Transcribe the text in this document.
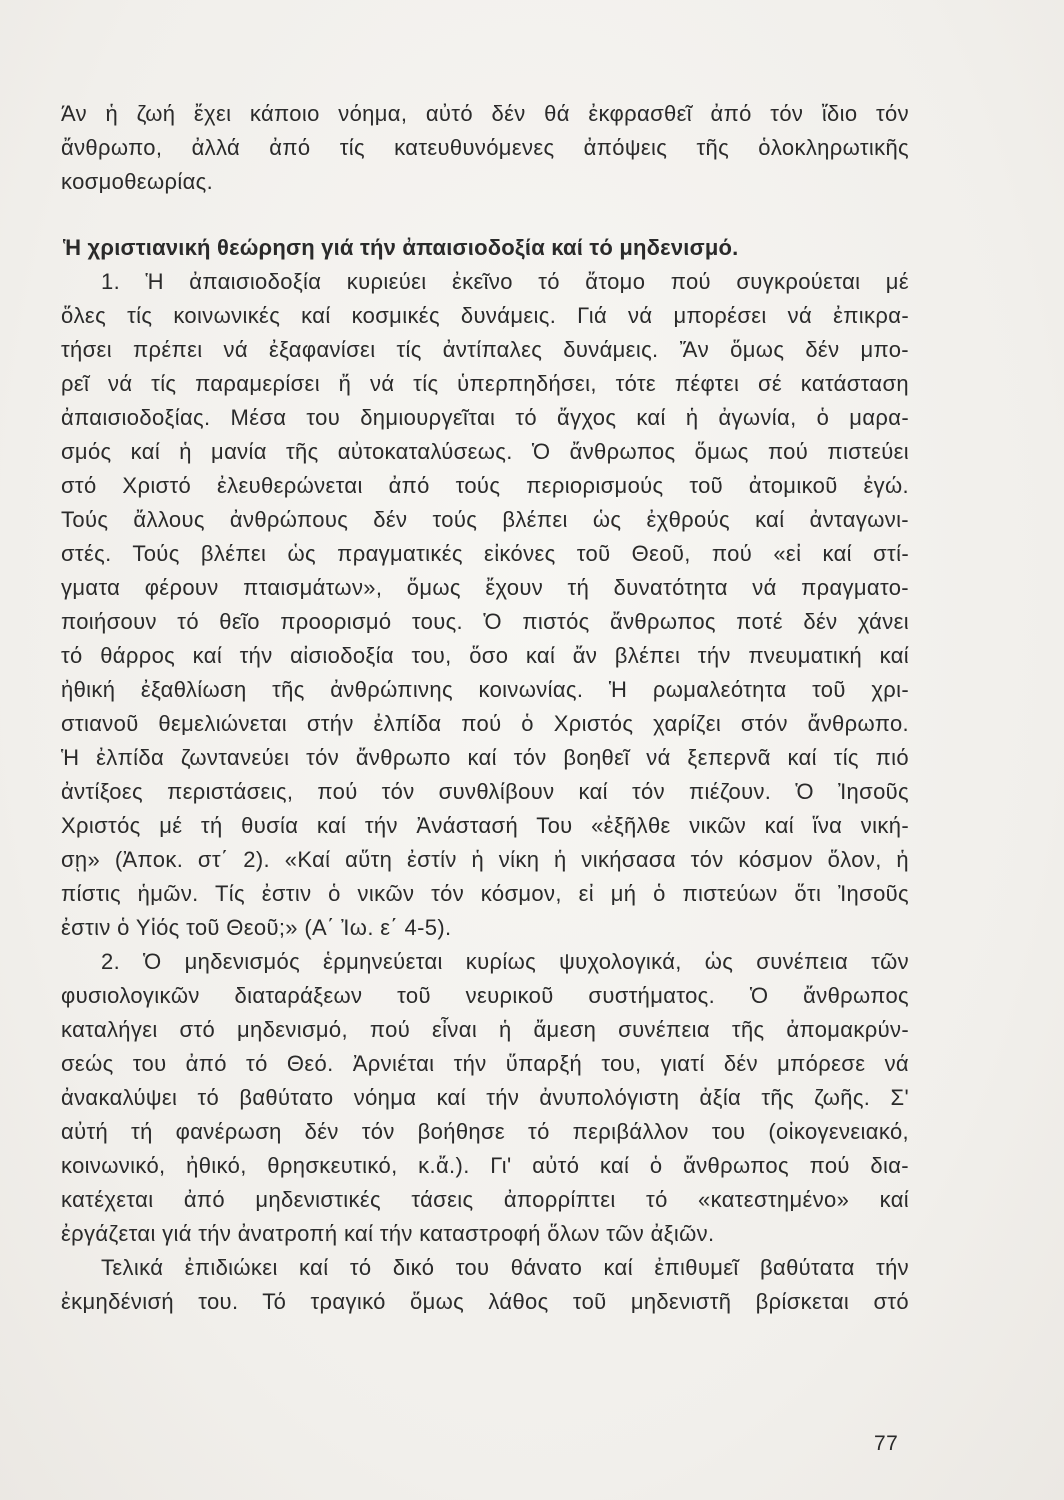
Άν ἡ ζωή ἔχει κάποιο νόημα, αὐτό δέν θά ἐκφρασθεῖ ἀπό τόν ἴδιο τόν
ἄνθρωπο, ἀλλά ἀπό τίς κατευθυνόμενες ἀπόψεις τῆς ὁλοκληρωτικῆς
κοσμοθεωρίας.
Ἡ χριστιανική θεώρηση γιά τήν ἀπαισιοδοξία καί τό μηδενισμό.
1. Ἡ ἀπαισιοδοξία κυριεύει ἐκεῖνο τό ἄτομο πού συγκρούεται μέ
ὅλες τίς κοινωνικές καί κοσμικές δυνάμεις. Γιά νά μπορέσει νά ἐπικρα-
τήσει πρέπει νά ἐξαφανίσει τίς ἀντίπαλες δυνάμεις. Ἄν ὅμως δέν μπο-
ρεῖ νά τίς παραμερίσει ἤ νά τίς ὑπερπηδήσει, τότε πέφτει σέ κατάσταση
ἀπαισιοδοξίας. Μέσα του δημιουργεῖται τό ἄγχος καί ἡ ἀγωνία, ὁ μαρα-
σμός καί ἡ μανία τῆς αὐτοκαταλύσεως. Ὁ ἄνθρωπος ὅμως πού πιστεύει
στό Χριστό ἐλευθερώνεται ἀπό τούς περιορισμούς τοῦ ἀτομικοῦ ἐγώ.
Τούς ἄλλους ἀνθρώπους δέν τούς βλέπει ὡς ἐχθρούς καί ἀνταγωνι-
στές. Τούς βλέπει ὡς πραγματικές εἰκόνες τοῦ Θεοῦ, πού «εἰ καί στί-
γματα φέρουν πταισμάτων», ὅμως ἔχουν τή δυνατότητα νά πραγματο-
ποιήσουν τό θεῖο προορισμό τους. Ὁ πιστός ἄνθρωπος ποτέ δέν χάνει
τό θάρρος καί τήν αἰσιοδοξία του, ὅσο καί ἄν βλέπει τήν πνευματική καί
ἠθική ἐξαθλίωση τῆς ἀνθρώπινης κοινωνίας. Ἡ ρωμαλεότητα τοῦ χρι-
στιανοῦ θεμελιώνεται στήν ἐλπίδα πού ὁ Χριστός χαρίζει στόν ἄνθρωπο.
Ἡ ἐλπίδα ζωντανεύει τόν ἄνθρωπο καί τόν βοηθεῖ νά ξεπερνᾶ καί τίς πιό
ἀντίξοες περιστάσεις, πού τόν συνθλίβουν καί τόν πιέζουν. Ὁ Ἰησοῦς
Χριστός μέ τή θυσία καί τήν Ἀνάστασή Του «ἐξῆλθε νικῶν καί ἵνα νική-
σῃ» (Ἀποκ. στ΄ 2). «Καί αὕτη ἐστίν ἡ νίκη ἡ νικήσασα τόν κόσμον ὅλον, ἡ
πίστις ἡμῶν. Τίς ἐστιν ὁ νικῶν τόν κόσμον, εἰ μή ὁ πιστεύων ὅτι Ἰησοῦς
ἐστιν ὁ Υἱός τοῦ Θεοῦ;» (Α΄ Ἰω. ε΄ 4-5).
2. Ὁ μηδενισμός ἑρμηνεύεται κυρίως ψυχολογικά, ὡς συνέπεια τῶν
φυσιολογικῶν διαταράξεων τοῦ νευρικοῦ συστήματος. Ὁ ἄνθρωπος
καταλήγει στό μηδενισμό, πού εἶναι ἡ ἄμεση συνέπεια τῆς ἀπομακρύν-
σεώς του ἀπό τό Θεό. Ἀρνιέται τήν ὕπαρξή του, γιατί δέν μπόρεσε νά
ἀνακαλύψει τό βαθύτατο νόημα καί τήν ἀνυπολόγιστη ἀξία τῆς ζωῆς. Σ'
αὐτή τή φανέρωση δέν τόν βοήθησε τό περιβάλλον του (οἰκογενειακό,
κοινωνικό, ἠθικό, θρησκευτικό, κ.ἄ.). Γι' αὐτό καί ὁ ἄνθρωπος πού δια-
κατέχεται ἀπό μηδενιστικές τάσεις ἀπορρίπτει τό «κατεστημένο» καί
ἐργάζεται γιά τήν ἀνατροπή καί τήν καταστροφή ὅλων τῶν ἀξιῶν.
Τελικά ἐπιδιώκει καί τό δικό του θάνατο καί ἐπιθυμεῖ βαθύτατα τήν
ἐκμηδένισή του. Τό τραγικό ὅμως λάθος τοῦ μηδενιστῆ βρίσκεται στό
77
